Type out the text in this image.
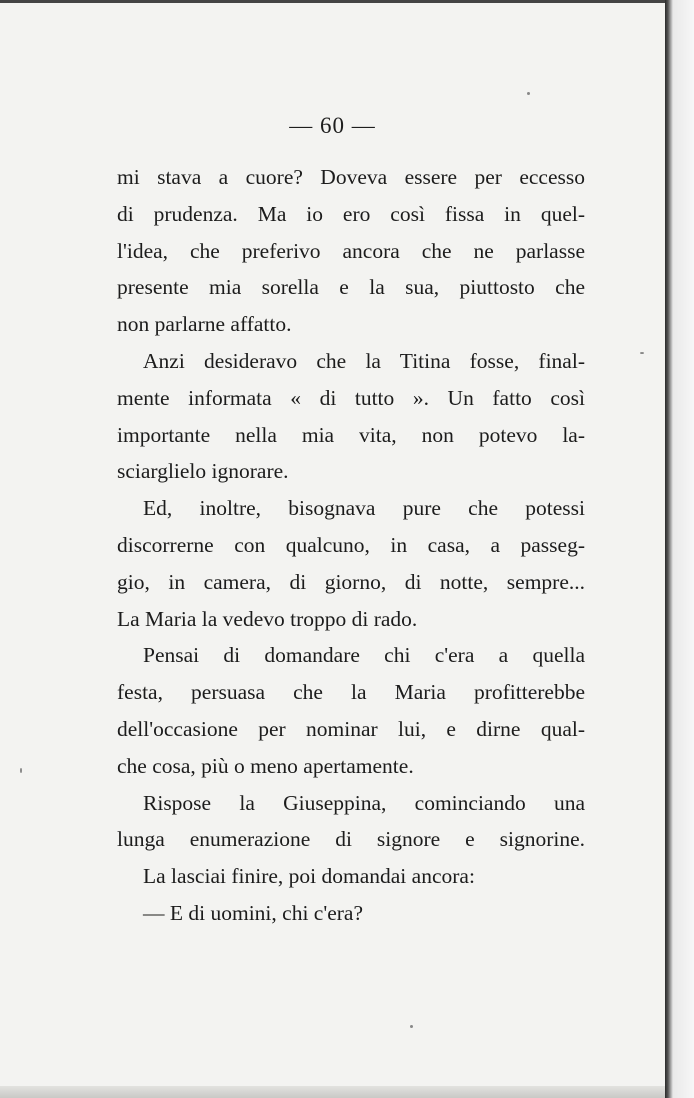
— 60 —
mi stava a cuore? Doveva essere per eccesso
di prudenza. Ma io ero così fissa in quel-
l'idea, che preferivo ancora che ne parlasse
presente mia sorella e la sua, piuttosto che
non parlarne affatto.
Anzi desideravo che la Titina fosse, final-
mente informata « di tutto ». Un fatto così
importante nella mia vita, non potevo la-
sciarglielo ignorare.
Ed, inoltre, bisognava pure che potessi
discorrerne con qualcuno, in casa, a passeg-
gio, in camera, di giorno, di notte, sempre...
La Maria la vedevo troppo di rado.
Pensai di domandare chi c'era a quella
festa, persuasa che la Maria profitterebbe
dell'occasione per nominar lui, e dirne qual-
che cosa, più o meno apertamente.
Rispose la Giuseppina, cominciando una
lunga enumerazione di signore e signorine.
La lasciai finire, poi domandai ancora:
— E di uomini, chi c'era?
